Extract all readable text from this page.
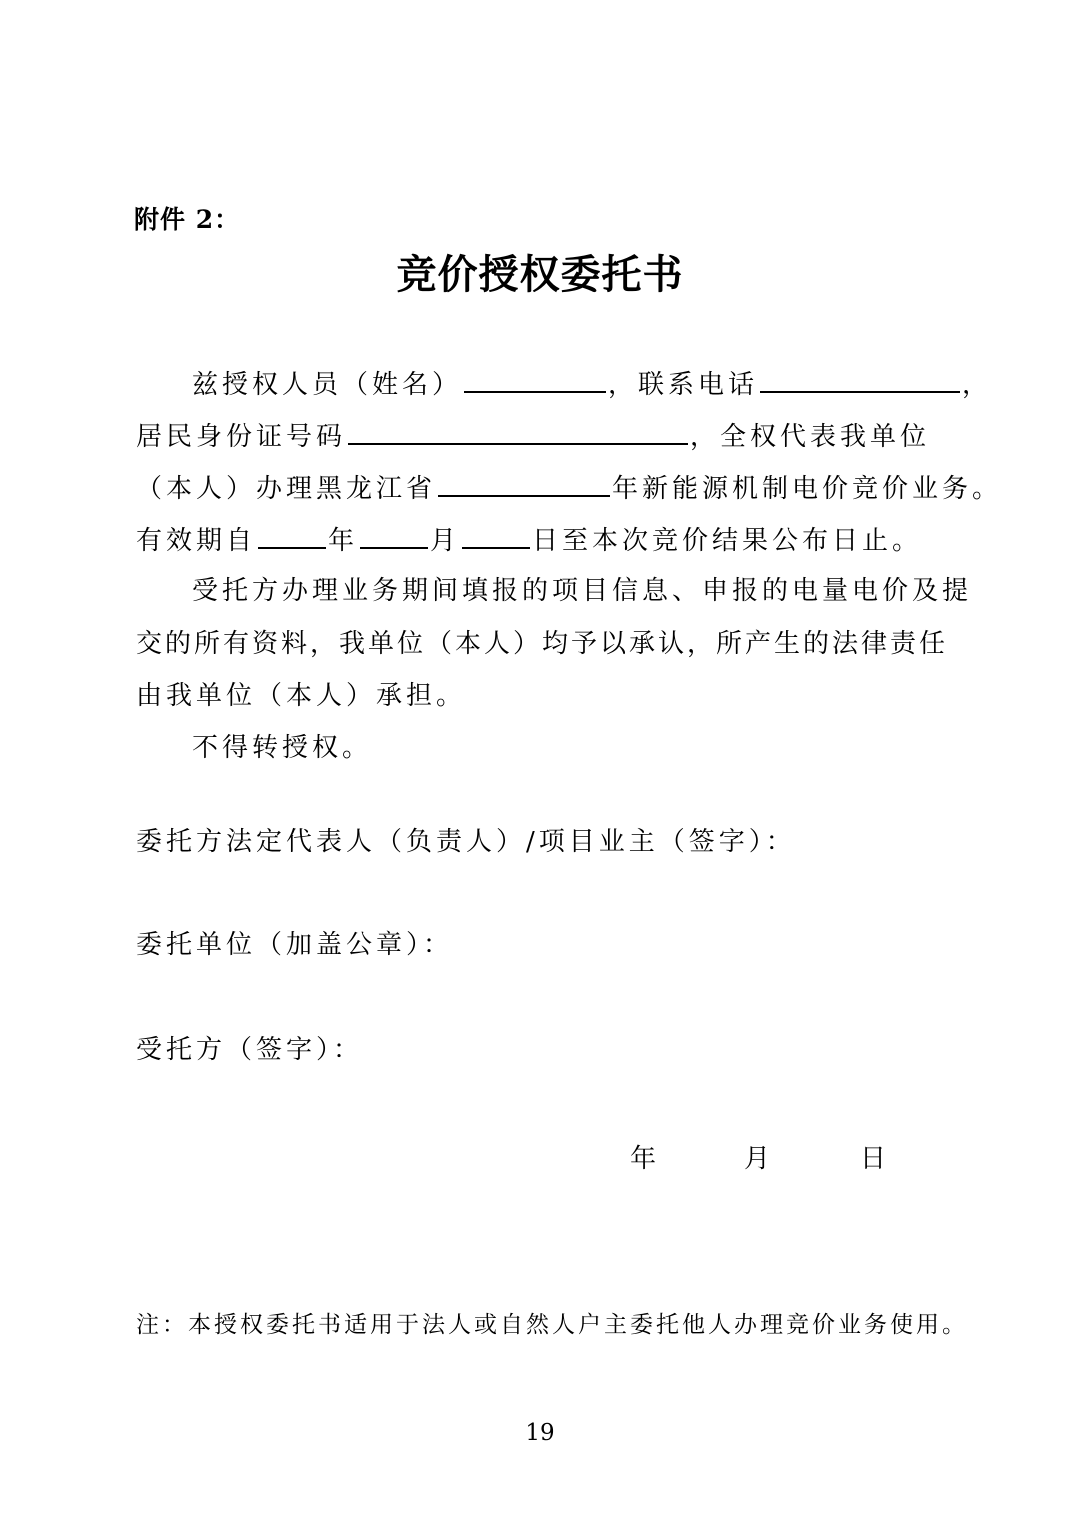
附件 2：
竞价授权委托书
兹授权人员（姓名）	，联系电话	，
居民身份证号码	，全权代表我单位
（本人）办理黑龙江省	年新能源机制电价竞价业务。
有效期自	年	月	日至本次竞价结果公布日止。
受托方办理业务期间填报的项目信息、申报的电量电价及提
交的所有资料，我单位（本人）均予以承认，所产生的法律责任
由我单位（本人）承担。
不得转授权。
委托方法定代表人（负责人）/项目业主（签字）：
委托单位（加盖公章）：
受托方（签字）：
年	月	日
注：本授权委托书适用于法人或自然人户主委托他人办理竞价业务使用。
19
